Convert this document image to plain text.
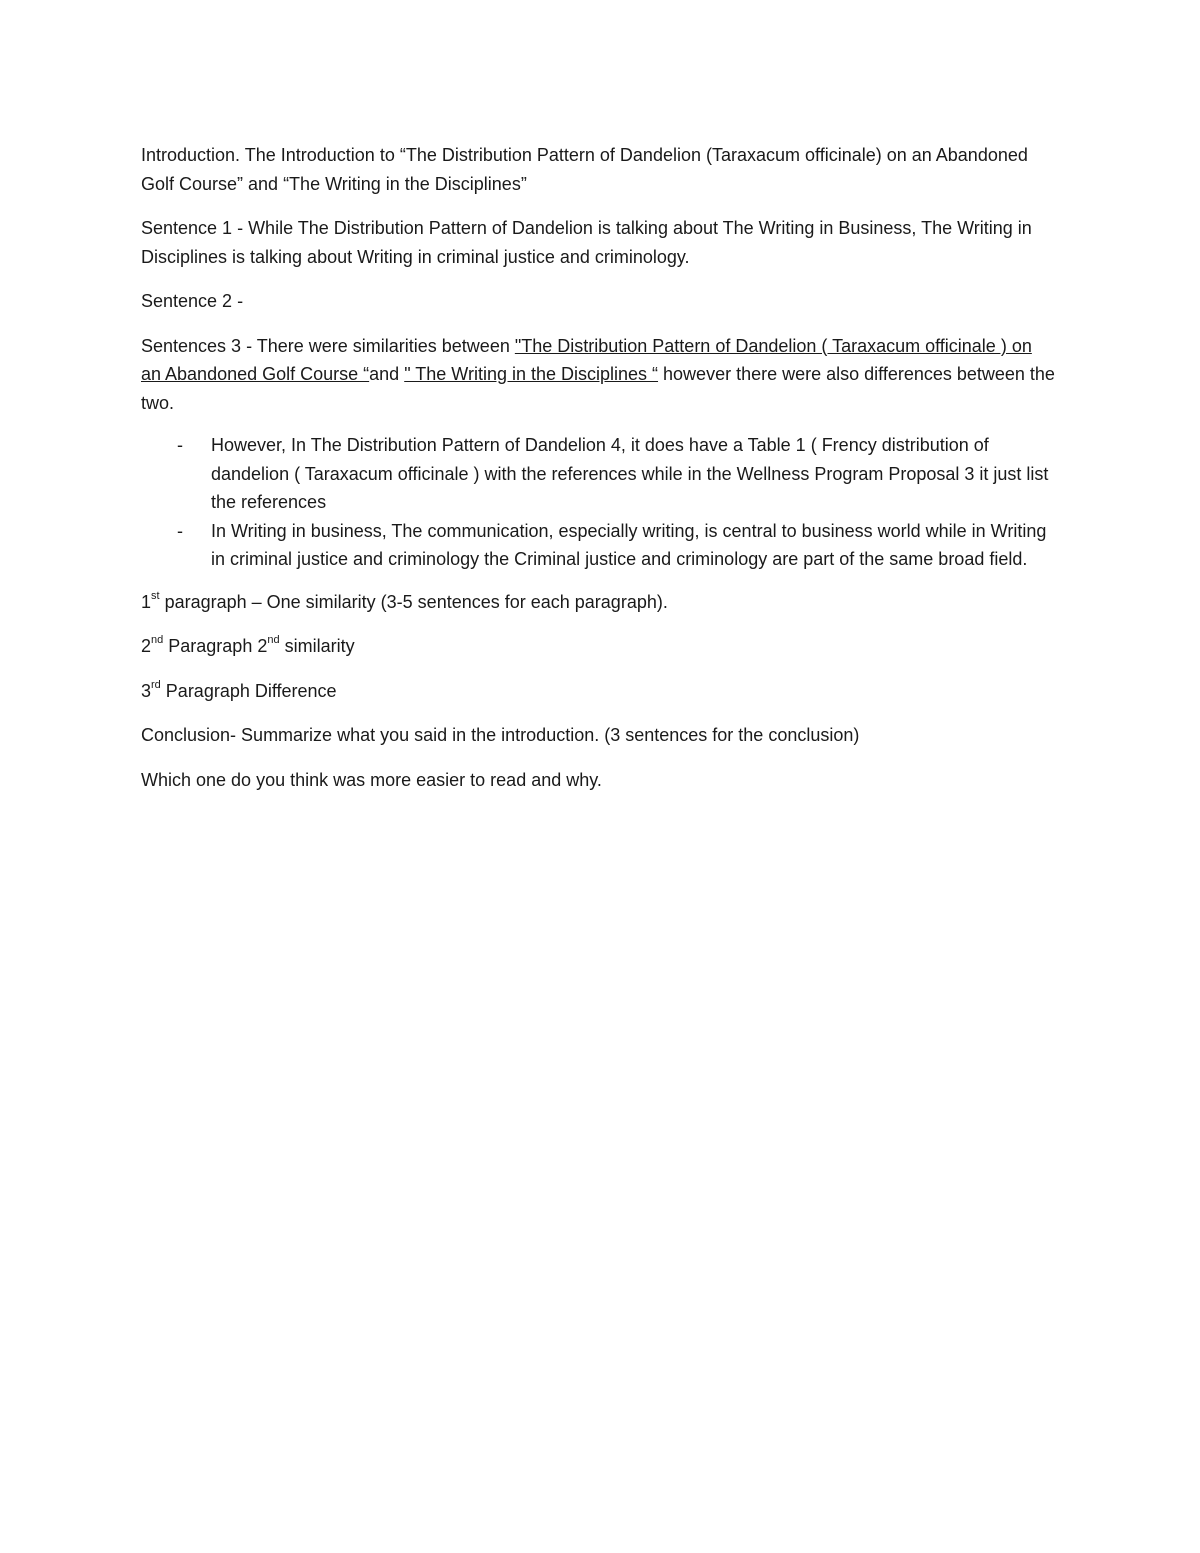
Introduction. The Introduction to “The Distribution Pattern of Dandelion (Taraxacum officinale) on an Abandoned Golf Course” and “The Writing in the Disciplines”

Sentence 1 - While The Distribution Pattern of Dandelion is talking about The Writing in Business, The Writing in Disciplines is talking about Writing in criminal justice and criminology.

Sentence 2 -

Sentences 3 - There were similarities between "The Distribution Pattern of Dandelion ( Taraxacum officinale ) on an Abandoned Golf Course “and " The Writing in the Disciplines “ however there were also differences between the two.

- However, In The Distribution Pattern of Dandelion 4, it does have a Table 1 ( Frency distribution of dandelion ( Taraxacum officinale ) with the references while in the Wellness Program Proposal 3 it just list the references
- In Writing in business, The communication, especially writing, is central to business world while in Writing in criminal justice and criminology the Criminal justice and criminology are part of the same broad field.

1st paragraph – One similarity (3-5 sentences for each paragraph).

2nd Paragraph 2nd similarity

3rd Paragraph Difference

Conclusion- Summarize what you said in the introduction. (3 sentences for the conclusion)

Which one do you think was more easier to read and why.
